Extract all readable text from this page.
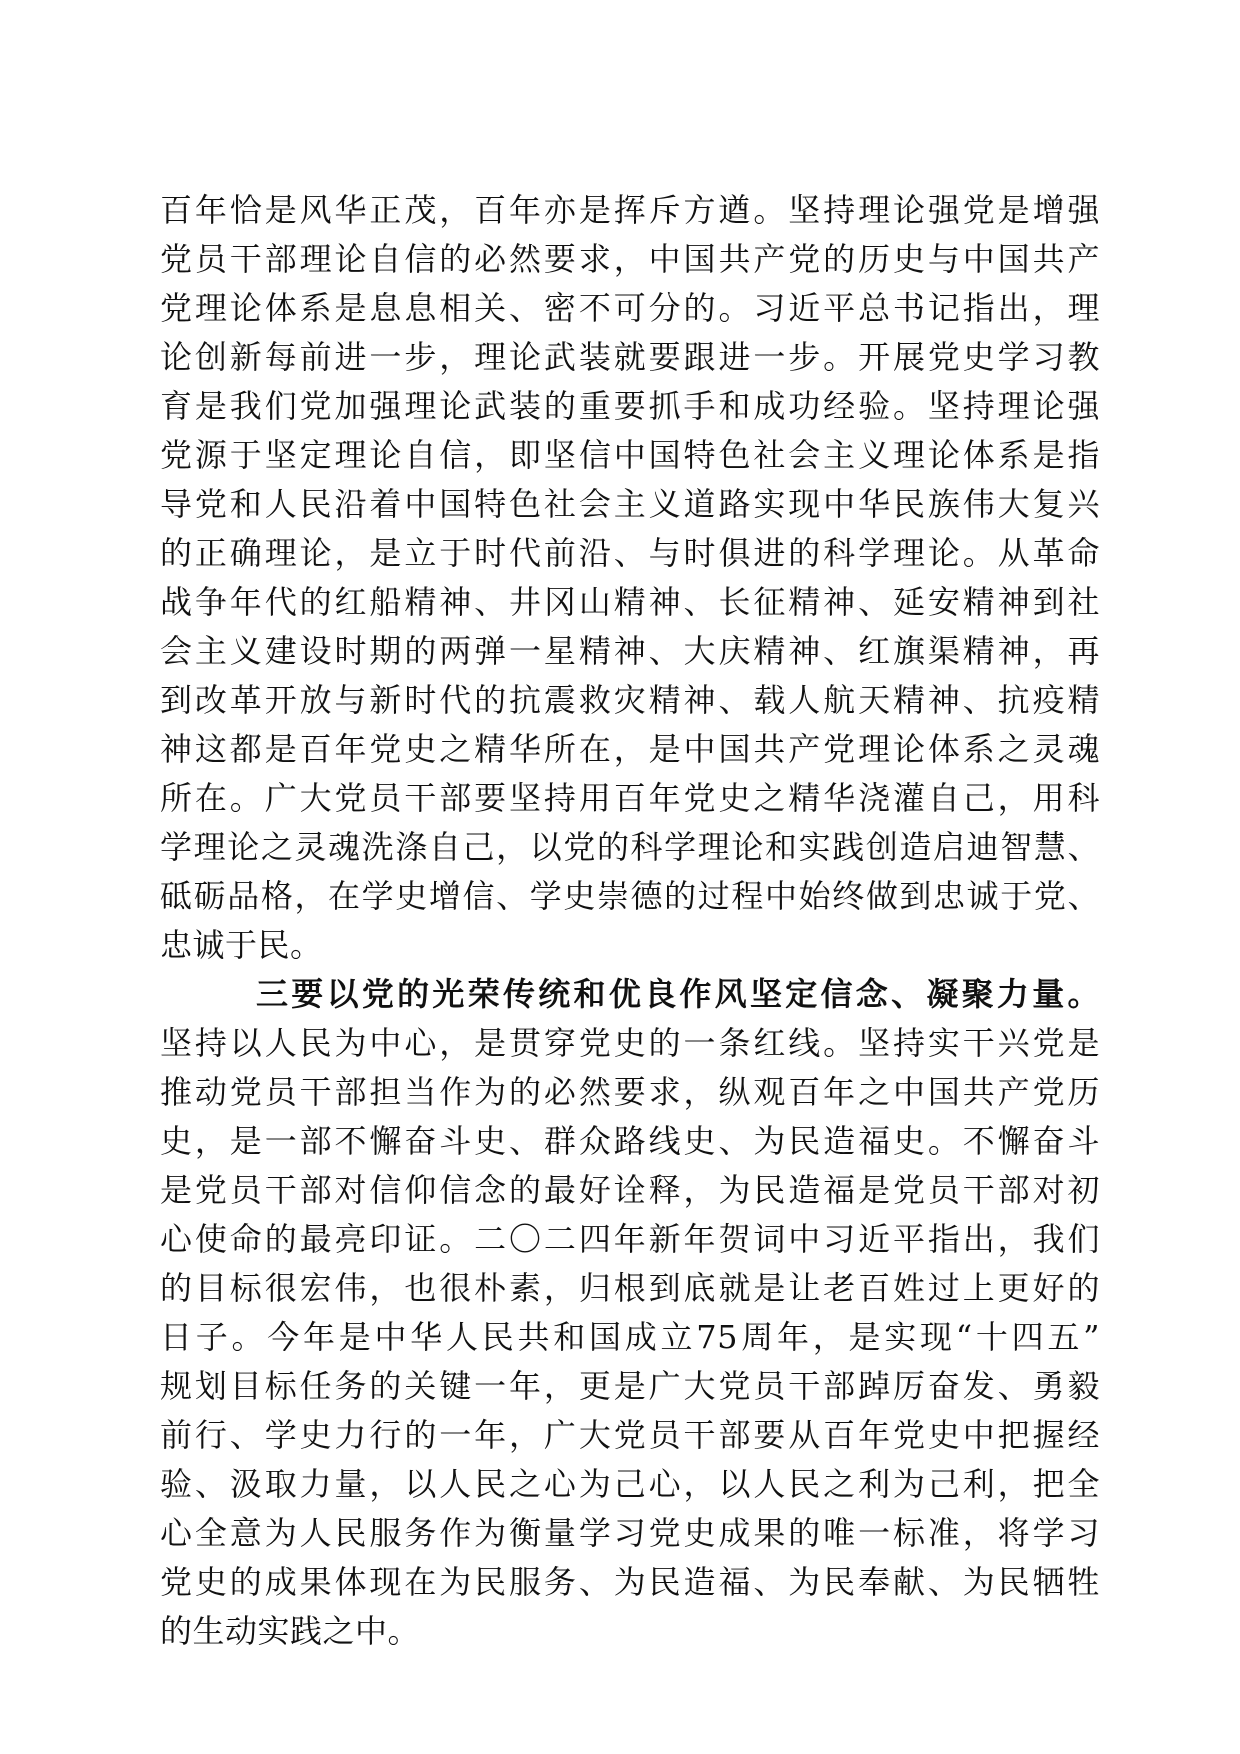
百年恰是风华正茂，百年亦是挥斥方遒。坚持理论强党是增强
党员干部理论自信的必然要求，中国共产党的历史与中国共产
党理论体系是息息相关、密不可分的。习近平总书记指出，理
论创新每前进一步，理论武装就要跟进一步。开展党史学习教
育是我们党加强理论武装的重要抓手和成功经验。坚持理论强
党源于坚定理论自信，即坚信中国特色社会主义理论体系是指
导党和人民沿着中国特色社会主义道路实现中华民族伟大复兴
的正确理论，是立于时代前沿、与时俱进的科学理论。从革命
战争年代的红船精神、井冈山精神、长征精神、延安精神到社
会主义建设时期的两弹一星精神、大庆精神、红旗渠精神，再
到改革开放与新时代的抗震救灾精神、载人航天精神、抗疫精
神这都是百年党史之精华所在，是中国共产党理论体系之灵魂
所在。广大党员干部要坚持用百年党史之精华浇灌自己，用科
学理论之灵魂洗涤自己，以党的科学理论和实践创造启迪智慧、
砥砺品格，在学史增信、学史崇德的过程中始终做到忠诚于党、
忠诚于民。
三要以党的光荣传统和优良作风坚定信念、凝聚力量。
坚持以人民为中心，是贯穿党史的一条红线。坚持实干兴党是
推动党员干部担当作为的必然要求，纵观百年之中国共产党历
史，是一部不懈奋斗史、群众路线史、为民造福史。不懈奋斗
是党员干部对信仰信念的最好诠释，为民造福是党员干部对初
心使命的最亮印证。二〇二四年新年贺词中习近平指出，我们
的目标很宏伟，也很朴素，归根到底就是让老百姓过上更好的
日子。今年是中华人民共和国成立75周年，是实现“十四五”
规划目标任务的关键一年，更是广大党员干部踔厉奋发、勇毅
前行、学史力行的一年，广大党员干部要从百年党史中把握经
验、汲取力量，以人民之心为己心，以人民之利为己利，把全
心全意为人民服务作为衡量学习党史成果的唯一标准，将学习
党史的成果体现在为民服务、为民造福、为民奉献、为民牺牲
的生动实践之中。
